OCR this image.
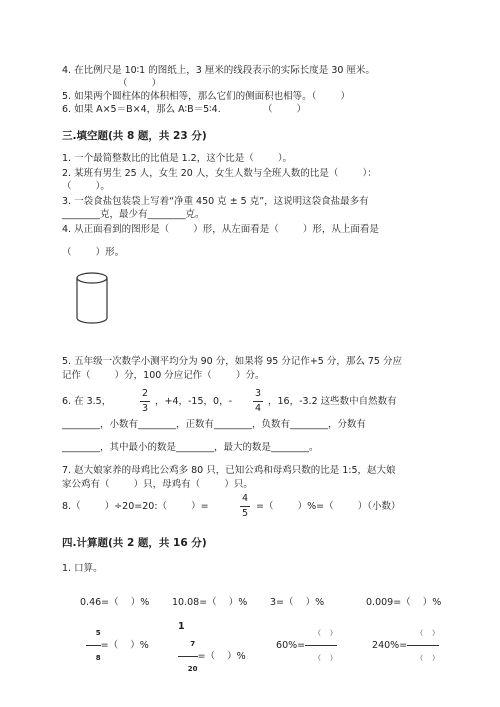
4. 在比例尺是 10∶1 的图纸上，3 厘米的线段表示的实际长度是 30 厘米。
（        ）
5. 如果两个圆柱体的体积相等，那么它们的侧面积也相等。（        ）
6. 如果 A×5＝B×4，那么 A∶B＝5∶4.              （        ）
三.填空题(共 8 题，共 23 分)
1. 一个最简整数比的比值是 1.2，这个比是（        ）。
2. 某班有男生 25 人，女生 20 人，女生人数与全班人数的比是（        ）：
（        ）。
3. 一袋食盐包装袋上写着“净重 450 克 ± 5 克”，这说明这袋食盐最多有
________克，最少有________克。
4. 从正面看到的图形是（        ）形，从左面看是（        ）形，从上面看是
（        ）形。
5. 五年级一次数学小测平均分为 90 分，如果将 95 分记作+5 分，那么 75 分应
记作（        ）分，100 分应记作（        ）分。
6. 在 3.5，
2
3
，+4，-15，0，-
3
4
，16，-3.2 这些数中自然数有
________，小数有________，正数有________，负数有________，分数有
________，其中最小的数是________，最大的数是________。
7. 赵大娘家养的母鸡比公鸡多 80 只，已知公鸡和母鸡只数的比是 1:5，赵大娘
家公鸡有（        ）只，母鸡有（        ）只。
8.（        ）÷20=20:（        ）=
4
5
=（        ）%=（        ）（小数）
四.计算题(共 2 题，共 16 分)
1. 口算。
0.46=（    ）% 10.08=（    ）% 3=（    ）%	0.009=（    ）%

$\frac{5}{8}$
=（    ）%

1

$\frac{7}{20}$
=（    ）%

60%=
（    ）

（    ）

240%=
（    ）

（    ）
